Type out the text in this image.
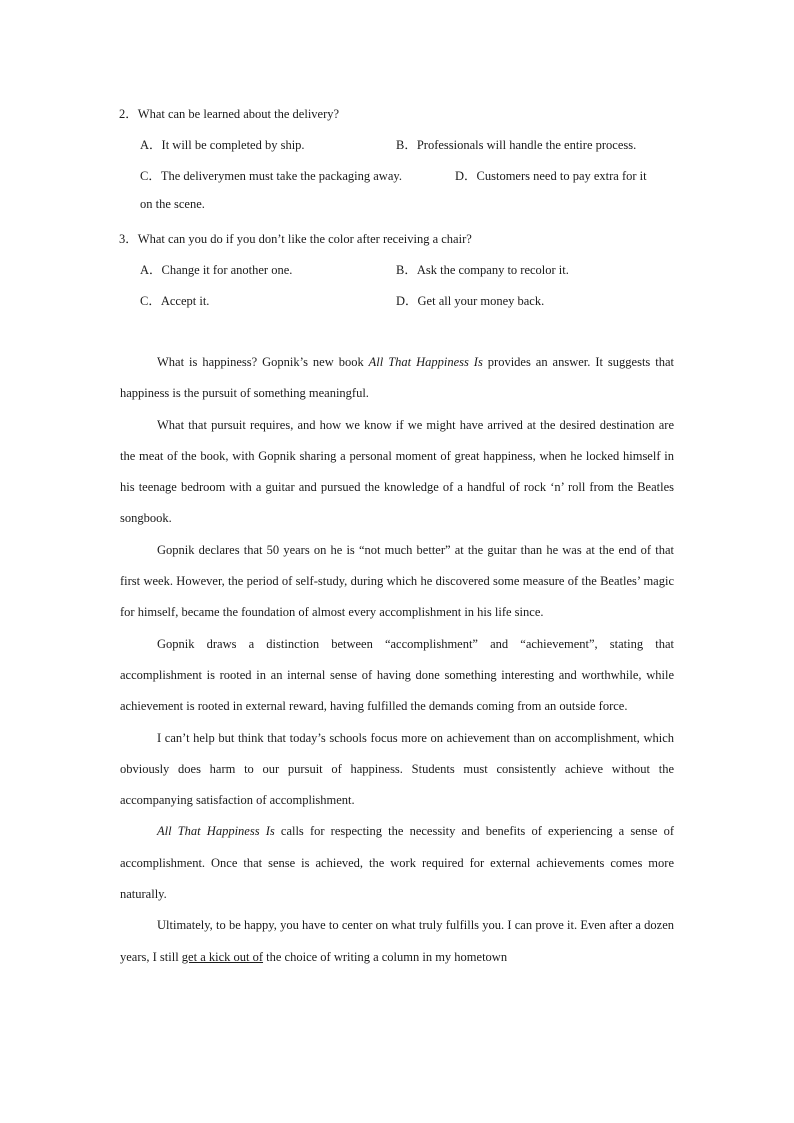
2．What can be learned about the delivery?
A．It will be completed by ship.	B．Professionals will handle the entire process.
C．The deliverymen must take the packaging away.	D．Customers need to pay extra for it
on the scene.
3．What can you do if you don’t like the color after receiving a chair?
A．Change it for another one.	B．Ask the company to recolor it.
C．Accept it.	D．Get all your money back.

What is happiness? Gopnik’s new book All That Happiness Is provides an answer. It suggests that happiness is the pursuit of something meaningful.

What that pursuit requires, and how we know if we might have arrived at the desired destination are the meat of the book, with Gopnik sharing a personal moment of great happiness, when he locked himself in his teenage bedroom with a guitar and pursued the knowledge of a handful of rock ‘n’ roll from the Beatles songbook.

Gopnik declares that 50 years on he is “not much better” at the guitar than he was at the end of that first week. However, the period of self-study, during which he discovered some measure of the Beatles’ magic for himself, became the foundation of almost every accomplishment in his life since.

Gopnik draws a distinction between “accomplishment” and “achievement”, stating that accomplishment is rooted in an internal sense of having done something interesting and worthwhile, while achievement is rooted in external reward, having fulfilled the demands coming from an outside force.

I can’t help but think that today’s schools focus more on achievement than on accomplishment, which obviously does harm to our pursuit of happiness. Students must consistently achieve without the accompanying satisfaction of accomplishment.

All That Happiness Is calls for respecting the necessity and benefits of experiencing a sense of accomplishment. Once that sense is achieved, the work required for external achievements comes more naturally.

Ultimately, to be happy, you have to center on what truly fulfills you. I can prove it. Even after a dozen years, I still get a kick out of the choice of writing a column in my hometown
